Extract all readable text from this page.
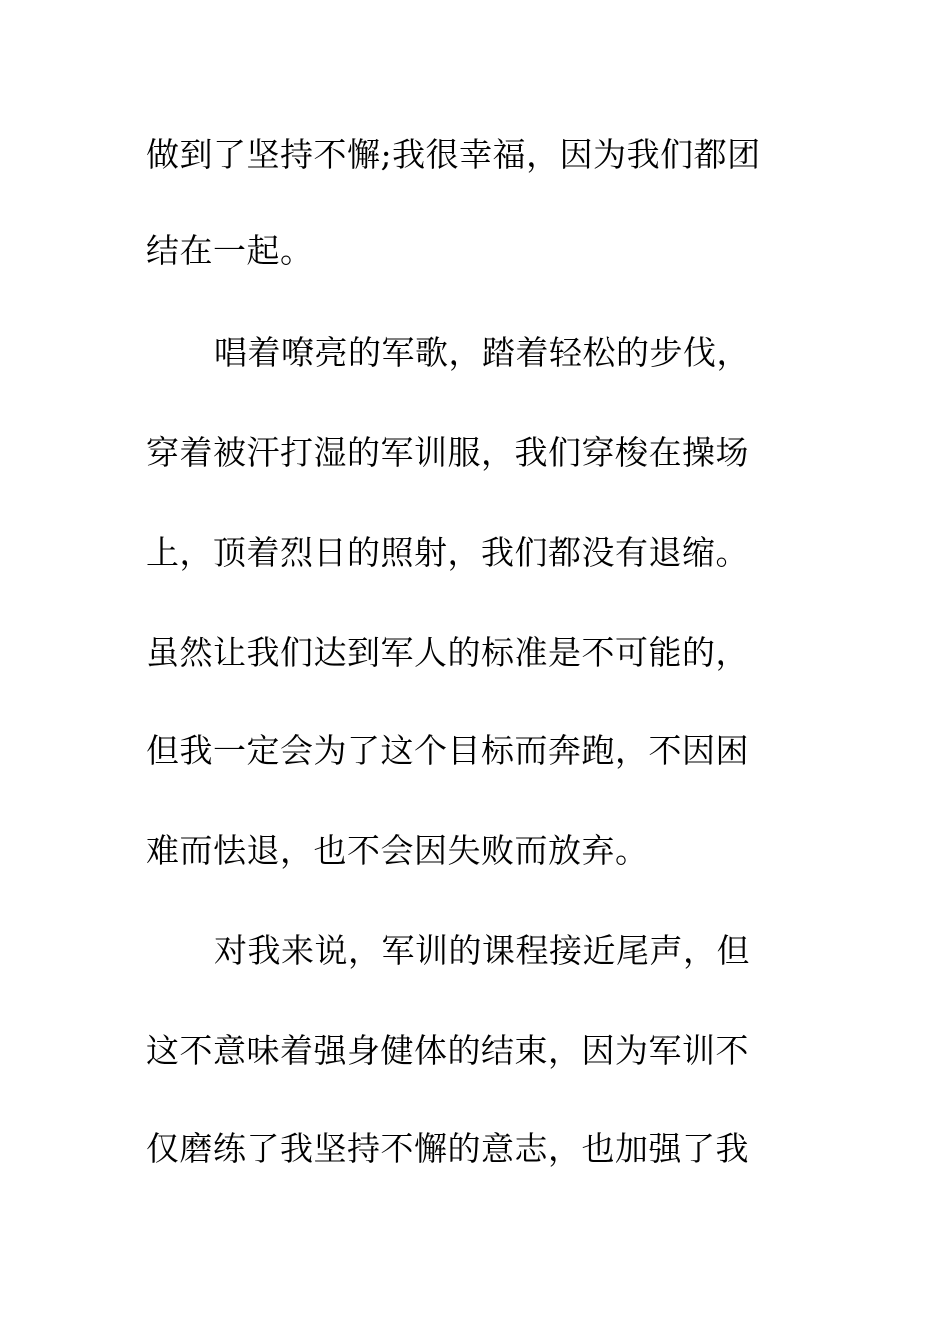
做到了坚持不懈;我很幸福，因为我们都团
结在一起。
唱着嘹亮的军歌，踏着轻松的步伐，
穿着被汗打湿的军训服，我们穿梭在操场
上，顶着烈日的照射，我们都没有退缩。
虽然让我们达到军人的标准是不可能的，
但我一定会为了这个目标而奔跑，不因困
难而怯退，也不会因失败而放弃。
对我来说，军训的课程接近尾声，但
这不意味着强身健体的结束，因为军训不
仅磨练了我坚持不懈的意志，也加强了我
